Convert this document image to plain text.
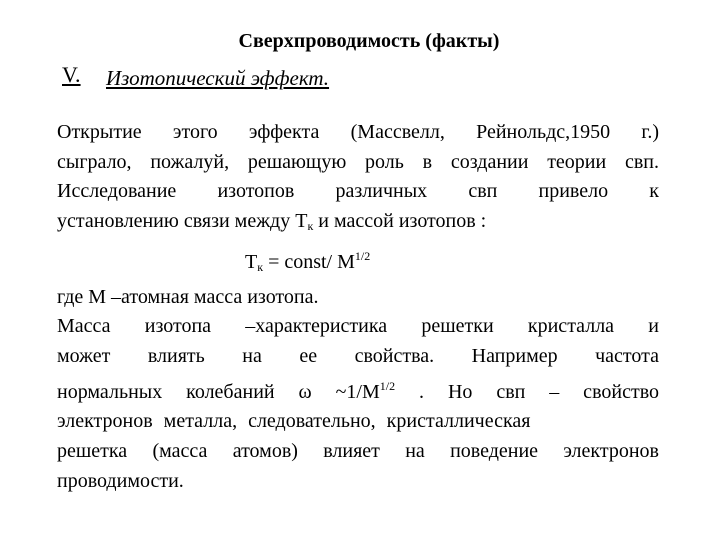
Сверхпроводимость (факты)
V. Изотопический эффект.
Открытие этого эффекта (Массвелл, Рейнольдс,1950 г.)
сыграло, пожалуй, решающую роль в создании теории свп.
Исследование изотопов различных свп привело к
установлению связи между $Т_к$ и массой изотопов :
$T_к$ = const/ $M^{1/2}$
где М –атомная масса изотопа.
Масса изотопа –характеристика решетки кристалла и
может влиять на ее свойства. Например частота
нормальных колебаний ω $\sim 1/M^{1/2}$ . Но свп – свойство
электронов металла, следовательно, кристаллическая
решетка (масса атомов) влияет на поведение электронов
проводимости.
